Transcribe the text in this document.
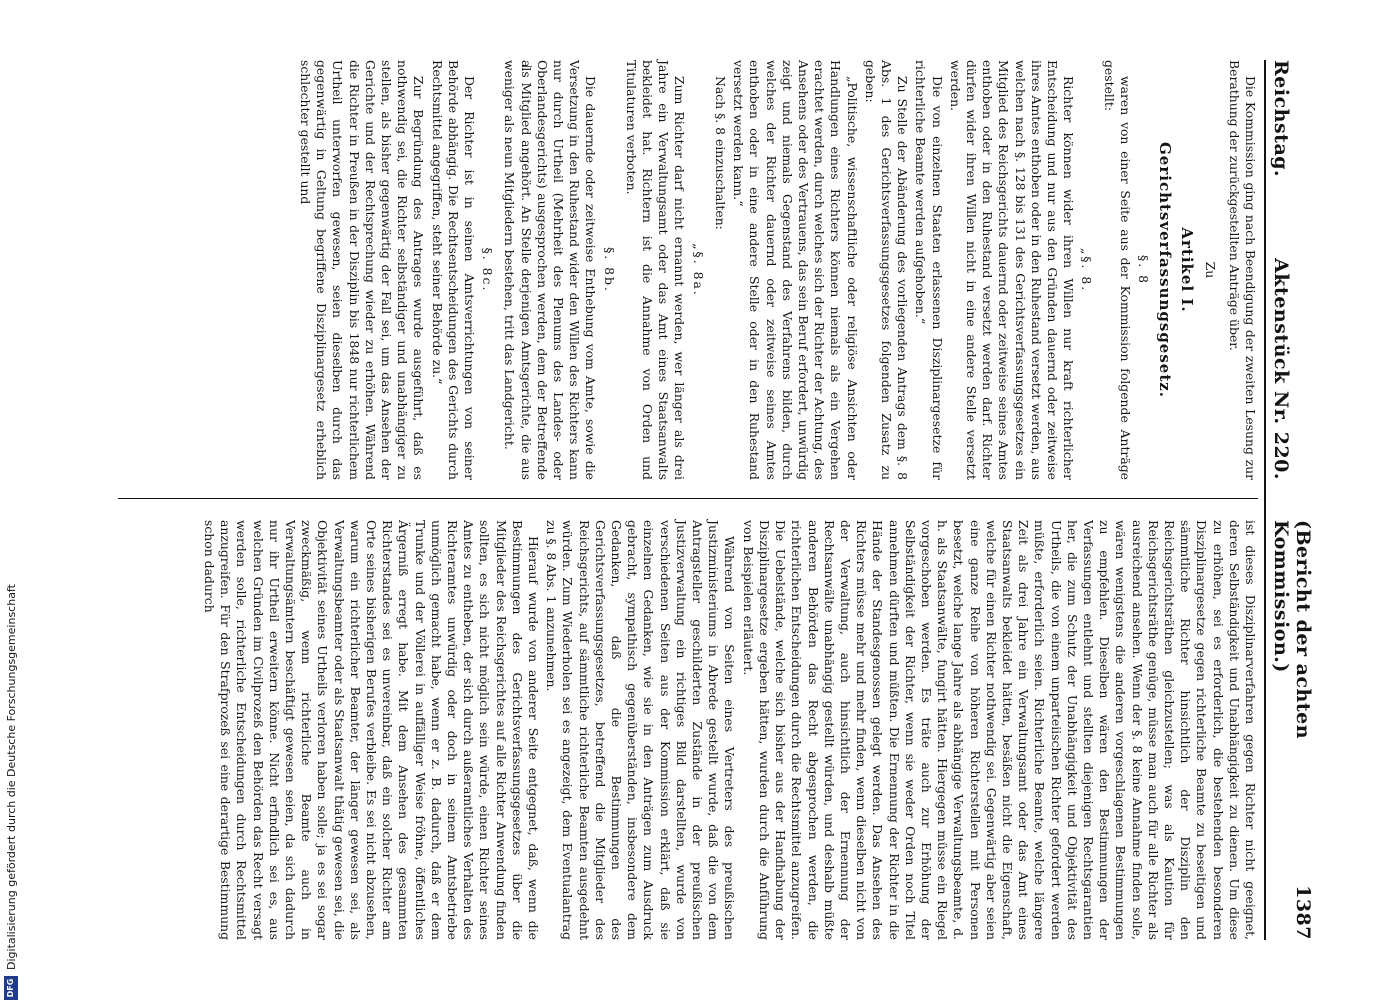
Reichstag.
Aktenstück Nr. 220.
(Bericht der achten Kommission.)
1387

Die Kommission ging nach Beendigung der zweiten Lesung zur Berathung der zurückgestellten Anträge über.

Zu

Artikel I.

Gerichtsverfassungsgesetz.

§. 8

waren von einer Seite aus der Kommission folgende Anträge gestellt:

„§. 8.

Richter können wider ihren Willen nur kraft richterlicher Entscheidung und nur aus den Gründen dauernd oder zeitweise ihres Amtes enthoben oder in den Ruhestand versetzt werden, aus welchen nach §. 128 bis 131 des Gerichtsverfassungsgesetzes ein Mitglied des Reichsgerichts dauernd oder zeitweise seines Amtes enthoben oder in den Ruhestand versetzt werden darf. Richter dürfen wider ihren Willen nicht in eine andere Stelle versetzt werden.

Die von einzelnen Staaten erlassenen Disziplinargesetze für richterliche Beamte werden aufgehoben.“

Zu Stelle der Abänderung des vorliegenden Antrags dem §. 8 Abs. 1 des Gerichtsverfassungsgesetzes folgenden Zusatz zu geben:

„Politische, wissenschaftliche oder religiöse Ansichten oder Handlungen eines Richters können niemals als ein Vergehen erachtet werden, durch welches sich der Richter der Achtung, des Ansehens oder des Vertrauens, das sein Beruf erfordert, unwürdig zeigt und niemals Gegenstand des Verfahrens bilden, durch welches der Richter dauernd oder zeitweise seines Amtes enthoben oder in eine andere Stelle oder in den Ruhestand versetzt werden kann.“

Nach §. 8 einzuschalten:

„§. 8a.

Zum Richter darf nicht ernannt werden, wer länger als drei Jahre ein Verwaltungsamt oder das Amt eines Staatsanwalts bekleidet hat. Richtern ist die Annahme von Orden und Titulaturen verboten.

§. 8b.

Die dauernde oder zeitweise Enthebung vom Amte, sowie die Versetzung in den Ruhestand wider den Willen des Richters kann nur durch Urtheil (Mehrheit des Plenums des Landes- oder Oberlandesgerichts) ausgesprochen werden, dem der Betreffende als Mitglied angehört. An Stelle derjenigen Amtsgerichte, die aus weniger als neun Mitgliedern bestehen, tritt das Landgericht.

§. 8c.

Der Richter ist in seinen Amtsverrichtungen von seiner Behörde abhängig. Die Rechtsentscheidungen des Gerichts durch Rechtsmittel angegriffen, steht seiner Behörde zu.“

Zur Begründung des Antrages wurde ausgeführt, daß es nothwendig sei, die Richter selbständiger und unabhängiger zu stellen, als bisher gegenwärtig der Fall sei, um das Ansehen der Gerichte und der Rechtsprechung wieder zu erhöhen. Während die Richter in Preußen in der Disziplin bis 1848 nur richterlichem Urtheil unterworfen gewesen, seien dieselben durch das gegenwärtig in Geltung begriffene Disziplinargesetz erheblich schlechter gestellt und

ist dieses Disziplinarverfahren gegen Richter nicht geeignet, deren Selbständigkeit und Unabhängigkeit zu dienen. Um diese zu erhöhen, sei es erforderlich, die bestehenden besonderen Disziplinargesetze gegen richterliche Beamte zu beseitigen und sämmtliche Richter hinsichtlich der Disziplin den Reichsgerichtsräthen gleichzustellen; was als Kaution für Reichsgerichtsräthe genüge, müsse man auch für alle Richter als ausreichend ansehen. Wenn der §. 8 keine Annahme finden solle, wären wenigstens die anderen vorgeschlagenen Bestimmungen zu empfehlen. Dieselben wären den Bestimmungen der Verfassungen entlehnt und stellten diejenigen Rechtsgarantien her, die zum Schutz der Unabhängigkeit und Objektivität des Urtheils, die von einem unparteiischen Richter gefordert werden müßte, erforderlich seien. Richterliche Beamte, welche längere Zeit als drei Jahre ein Verwaltungsamt oder das Amt eines Staatsanwalts bekleidet hätten, besäßen nicht die Eigenschaft, welche für einen Richter nothwendig sei. Gegenwärtig aber seien eine ganze Reihe von höheren Richterstellen mit Personen besetzt, welche lange Jahre als abhängige Verwaltungsbeamte, d. h. als Staatsanwälte, fungirt hätten. Hiergegen müsse ein Riegel vorgeschoben werden. Es träte auch zur Erhöhung der Selbständigkeit der Richter, wenn sie weder Orden noch Titel annehmen dürften und müßten. Die Ernennung der Richter in die Hände der Standesgenossen gelegt werden. Das Ansehen des Richters müsse mehr und mehr finden, wenn dieselben nicht von der Verwaltung, auch hinsichtlich der Ernennung der Rechtsanwälte unabhängig gestellt würden, und deshalb müßte anderen Behörden das Recht abgesprochen werden, die richterlichen Entscheidungen durch die Rechtsmittel anzugreifen. Die Uebelstände, welche sich bisher aus der Handhabung der Disziplinargesetze ergeben hätten, wurden durch die Anführung von Beispielen erläutert.

Während von Seiten eines Vertreters des preußischen Justizministeriums in Abrede gestellt wurde, daß die von dem Antragsteller geschilderten Zustände in der preußischen Justizverwaltung ein richtiges Bild darstellten, wurde von verschiedenen Seiten aus der Kommission erklärt, daß sie einzelnen Gedanken, wie sie in den Anträgen zum Ausdruck gebracht, sympathisch gegenüberständen, insbesondere dem Gedanken, daß die Bestimmungen des Gerichtsverfassungsgesetzes, betreffend die Mitglieder des Reichsgerichts, auf sämmtliche richterliche Beamten ausgedehnt würden. Zum Wiederholen sei es angezeigt, dem Eventualantrag zu §. 8 Abs. 1 anzunehmen.

Hierauf wurde von anderer Seite entgegnet, daß, wenn die Bestimmungen des Gerichtsverfassungsgesetzes über die Mitglieder des Reichsgerichtes auf alle Richter Anwendung finden sollten, es sich nicht möglich sein würde, einen Richter seines Amtes zu entheben, der sich durch außeramtliches Verhalten des Richteramtes unwürdig oder doch in seinem Amtsbetriebe unmöglich gemacht habe, wenn er z. B. dadurch, daß er dem Trunke und der Völlerei in auffälliger Weise fröhne, öffentliches Ärgerniß erregt habe. Mit dem Ansehen des gesammten Richterstandes sei es unvereinbar, daß ein solcher Richter am Orte seines bisherigen Berufes verbleibe. Es sei nicht abzusehen, warum ein richterlicher Beamter, der länger gewesen sei, als Verwaltungsbeamter oder als Staatsanwalt thätig gewesen sei, die Objektivität seines Urtheils verloren haben solle; ja es sei sogar zweckmäßig, wenn richterliche Beamte auch in Verwaltungsämtern beschäftigt gewesen seien, da sich dadurch nur ihr Urtheil erweitern könne. Nicht erfindlich sei es, aus welchen Gründen im Civilprozeß den Behörden das Recht versagt werden solle, richterliche Entscheidungen durch Rechtsmittel anzugreifen. Für den Strafprozeß sei eine derartige Bestimmung schon dadurch

DFG
Digitalisierung gefördert durch die Deutsche Forschungsgemeinschaft
